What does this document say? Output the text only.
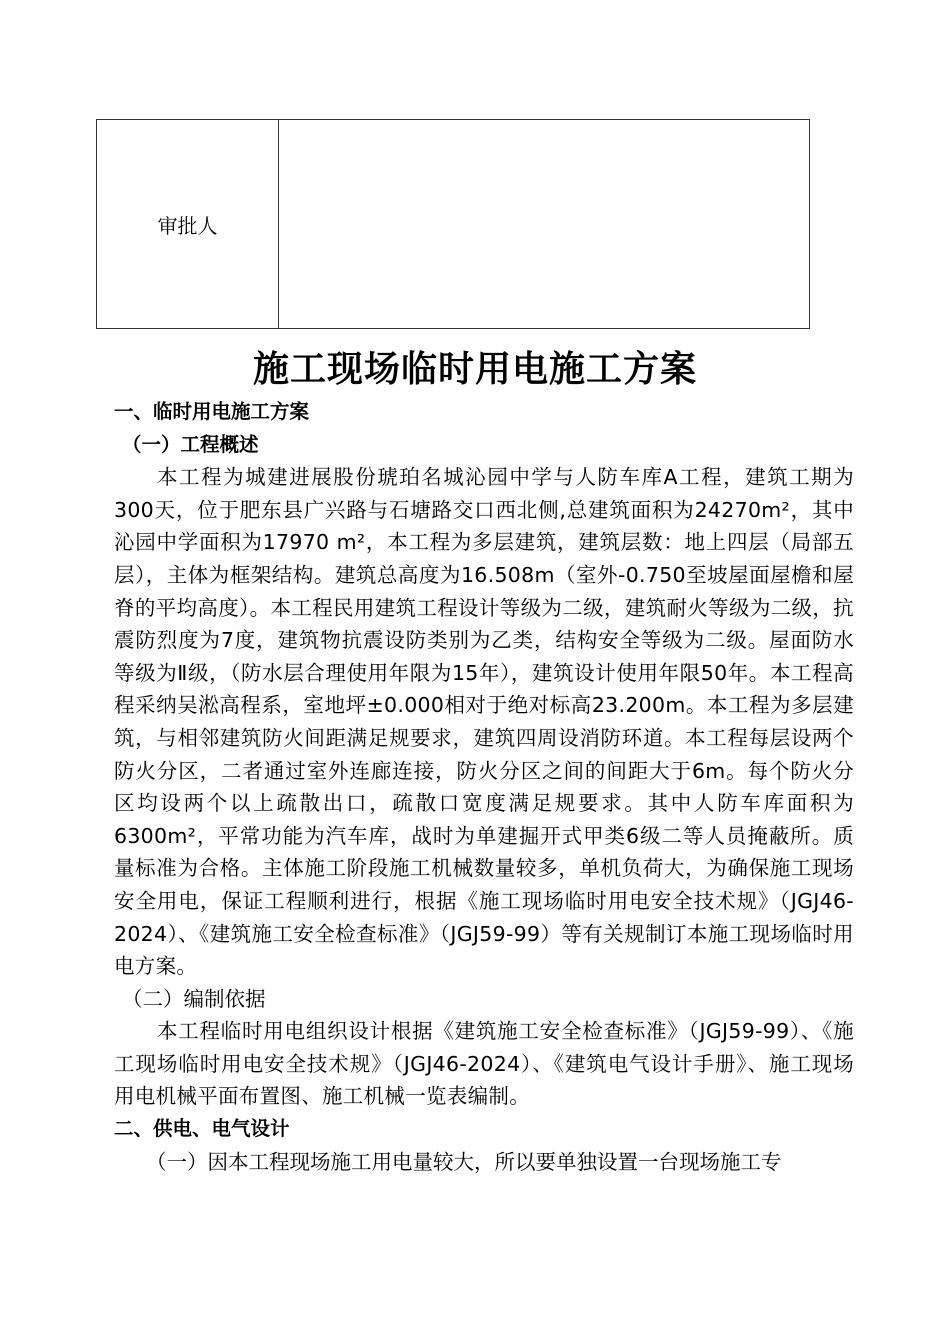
审批人	
施工现场临时用电施工方案

一、临时用电施工方案

（一）工程概述

本工程为城建进展股份琥珀名城沁园中学与人防车库A工程，建筑工期为300天，位于肥东县广兴路与石塘路交口西北侧,总建筑面积为24270m²，其中沁园中学面积为17970 m²，本工程为多层建筑，建筑层数：地上四层（局部五层），主体为框架结构。建筑总高度为16.508m（室外-0.750至坡屋面屋檐和屋脊的平均高度）。本工程民用建筑工程设计等级为二级，建筑耐火等级为二级，抗震防烈度为7度，建筑物抗震设防类别为乙类，结构安全等级为二级。屋面防水等级为Ⅱ级，（防水层合理使用年限为15年），建筑设计使用年限50年。本工程高程采纳吴淞高程系，室地坪±0.000相对于绝对标高23.200m。本工程为多层建筑，与相邻建筑防火间距满足规要求，建筑四周设消防环道。本工程每层设两个防火分区，二者通过室外连廊连接，防火分区之间的间距大于6m。每个防火分区均设两个以上疏散出口，疏散口宽度满足规要求。其中人防车库面积为6300m²，平常功能为汽车库，战时为单建掘开式甲类6级二等人员掩蔽所。质量标准为合格。主体施工阶段施工机械数量较多，单机负荷大，为确保施工现场安全用电，保证工程顺利进行，根据《施工现场临时用电安全技术规》（JGJ46-2024）、《建筑施工安全检查标准》（JGJ59-99）等有关规制订本施工现场临时用电方案。

（二）编制依据

本工程临时用电组织设计根据《建筑施工安全检查标准》（JGJ59-99）、《施工现场临时用电安全技术规》（JGJ46-2024）、《建筑电气设计手册》、施工现场用电机械平面布置图、施工机械一览表编制。

二、供电、电气设计

（一）因本工程现场施工用电量较大，所以要单独设置一台现场施工专
